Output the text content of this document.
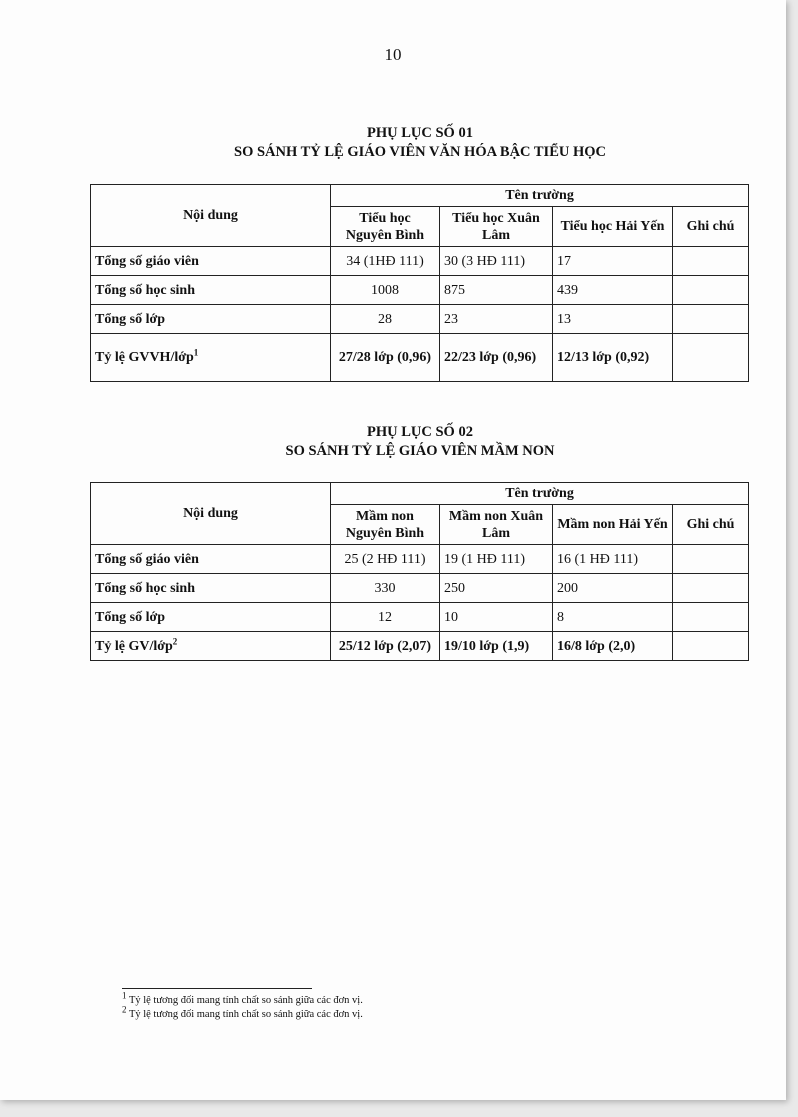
10
PHỤ LỤC SỐ 01
SO SÁNH TỶ LỆ GIÁO VIÊN VĂN HÓA BẬC TIỂU HỌC
Nội dung	Tên trường			
	Tiểu học Nguyên Bình	Tiểu học Xuân Lâm	Tiểu học Hải Yến	Ghi chú
Tổng số giáo viên	34 (1HĐ 111)	30 (3 HĐ 111)	17	
Tổng số học sinh	1008	875	439	
Tổng số lớp	28	23	13	
Tỷ lệ GVVH/lớp$^1$	27/28 lớp (0,96)	22/23 lớp (0,96)	12/13 lớp (0,92)	
PHỤ LỤC SỐ 02
SO SÁNH TỶ LỆ GIÁO VIÊN MẦM NON
Nội dung	Tên trường			
	Mầm non Nguyên Bình	Mầm non Xuân Lâm	Mầm non Hải Yến	Ghi chú
Tổng số giáo viên	25 (2 HĐ 111)	19 (1 HĐ 111)	16 (1 HĐ 111)	
Tổng số học sinh	330	250	200	
Tổng số lớp	12	10	8	
Tỷ lệ GV/lớp$^2$	25/12 lớp (2,07)	19/10 lớp (1,9)	16/8 lớp (2,0)	
$^1$ Tỷ lệ tương đối mang tính chất so sánh giữa các đơn vị.
$^2$ Tỷ lệ tương đối mang tính chất so sánh giữa các đơn vị.
